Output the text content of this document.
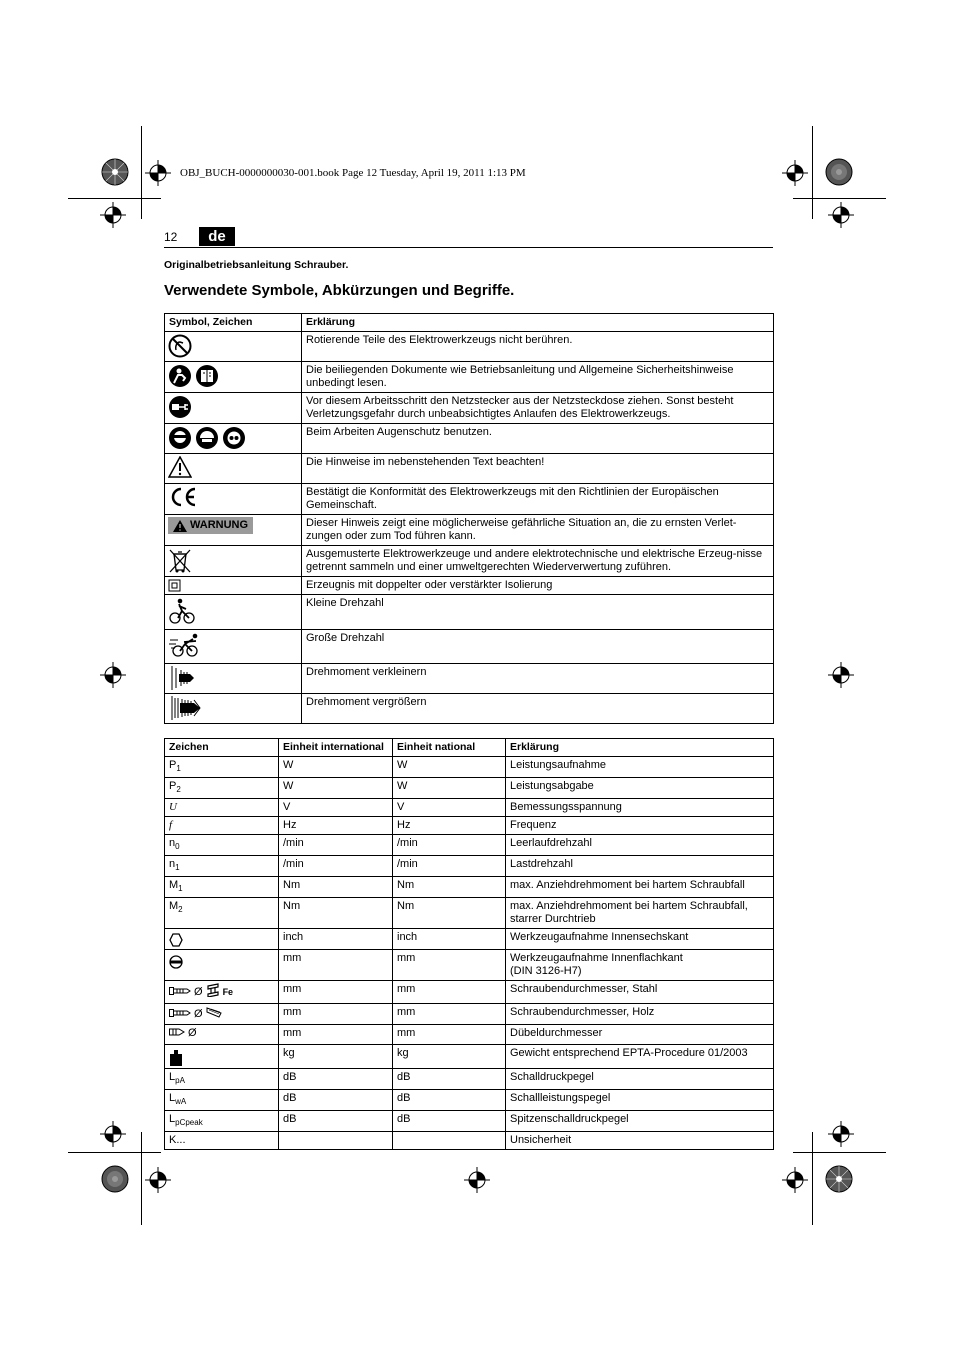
OBJ_BUCH-0000000030-001.book Page 12 Tuesday, April 19, 2011 1:13 PM
12	de
Originalbetriebsanleitung Schrauber.
Verwendete Symbole, Abkürzungen und Begriffe.
Symbol, Zeichen	Erklärung

	Rotierende Teile des Elektrowerkzeugs nicht berühren.

	Die beiliegenden Dokumente wie Betriebsanleitung und Allgemeine Sicherheitshinweise unbedingt lesen.

	Vor diesem Arbeitsschritt den Netzstecker aus der Netzsteckdose ziehen. Sonst besteht Verletzungsgefahr durch unbeabsichtigtes Anlaufen des Elektrowerkzeugs.

	Beim Arbeiten Augenschutz benutzen.

	Die Hinweise im nebenstehenden Text beachten!

	Bestätigt die Konformität des Elektrowerkzeugs mit den Richtlinien der Europäischen Gemeinschaft.

WARNUNG	Dieser Hinweis zeigt eine möglicherweise gefährliche Situation an, die zu ernsten Verlet-zungen oder zum Tod führen kann.

	Ausgemusterte Elektrowerkzeuge und andere elektrotechnische und elektrische Erzeug-nisse getrennt sammeln und einer umweltgerechten Wiederverwertung zuführen.

	Erzeugnis mit doppelter oder verstärkter Isolierung

	Kleine Drehzahl

	Große Drehzahl

	Drehmoment verkleinern

	Drehmoment vergrößern
Zeichen	Einheit international	Einheit national	Erklärung
$P_1$	W	W	Leistungsaufnahme
$P_2$	W	W	Leistungsabgabe
U	V	V	Bemessungsspannung
f	Hz	Hz	Frequenz
$n_0$	/min	/min	Leerlaufdrehzahl
$n_1$	/min	/min	Lastdrehzahl
$M_1$	Nm	Nm	max. Anziehdrehmoment bei hartem Schraubfall
$M_2$	Nm	Nm	max. Anziehdrehmoment bei hartem Schraubfall, starrer Durchtrieb

	inch	inch	Werkzeugaufnahme Innensechskant

	mm	mm	Werkzeugaufnahme Innenflachkant
(DIN 3126-H7)

Ø Fe	mm	mm	Schraubendurchmesser, Stahl

Ø	mm	mm	Schraubendurchmesser, Holz

Ø	mm	mm	Dübeldurchmesser

	kg	kg	Gewicht entsprechend EPTA-Procedure 01/2003
$L_{pA}$	dB	dB	Schalldruckpegel
$L_{wA}$	dB	dB	Schallleistungspegel
$L_{pCpeak}$	dB	dB	Spitzenschalldruckpegel
K...			Unsicherheit
